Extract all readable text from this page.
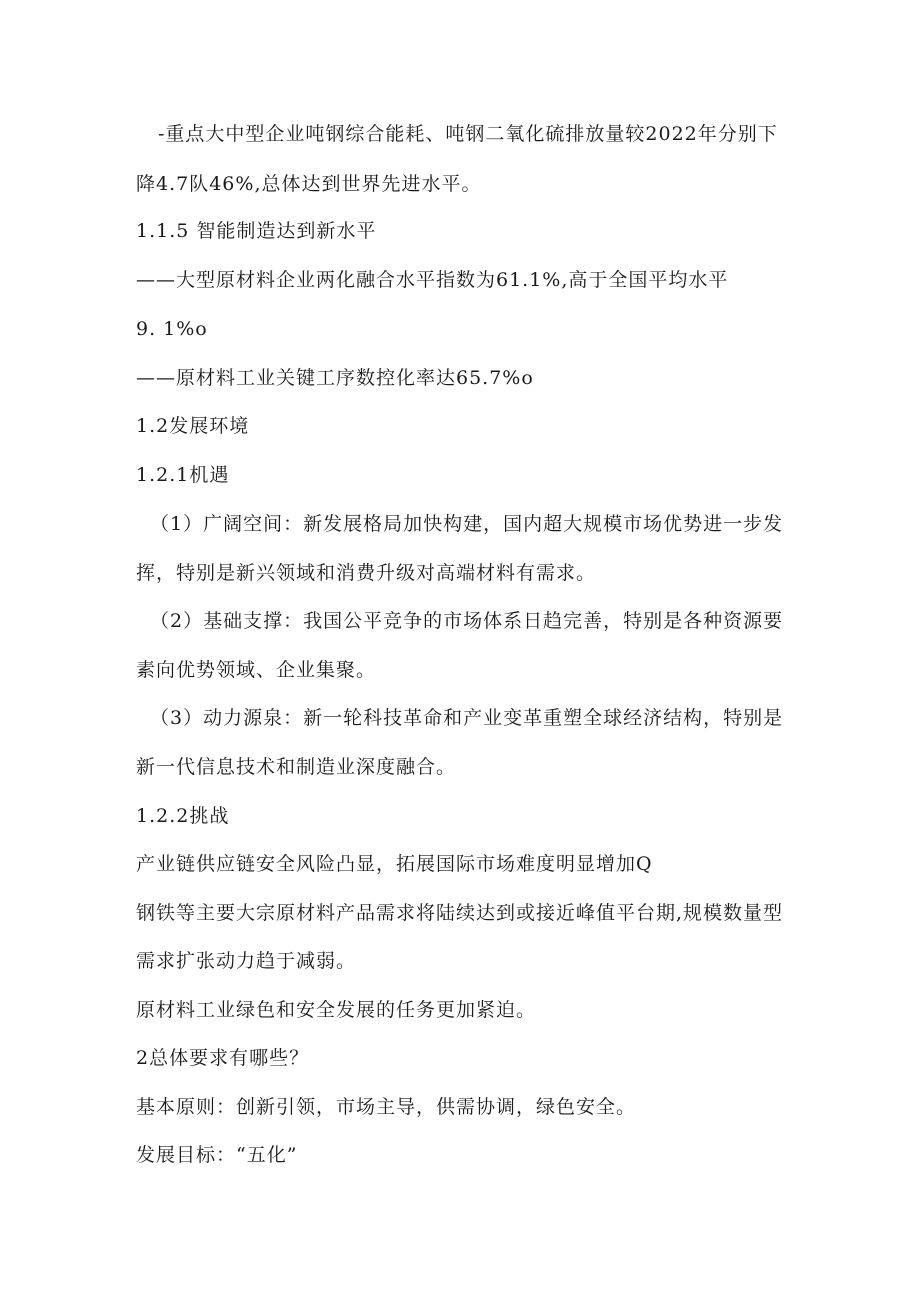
-重点大中型企业吨钢综合能耗、吨钢二氧化硫排放量较2022年分别下
降4.7队46%,总体达到世界先进水平。
1.1.5 智能制造达到新水平
——大型原材料企业两化融合水平指数为61.1%,高于全国平均水平
9. 1%o
——原材料工业关键工序数控化率达65.7%o
1.2发展环境
1.2.1机遇
（1）广阔空间：新发展格局加快构建，国内超大规模市场优势进一步发
挥，特别是新兴领域和消费升级对高端材料有需求。
（2）基础支撑：我国公平竞争的市场体系日趋完善，特别是各种资源要
素向优势领域、企业集聚。
（3）动力源泉：新一轮科技革命和产业变革重塑全球经济结构，特别是
新一代信息技术和制造业深度融合。
1.2.2挑战
产业链供应链安全风险凸显，拓展国际市场难度明显增加Q
钢铁等主要大宗原材料产品需求将陆续达到或接近峰值平台期,规模数量型
需求扩张动力趋于减弱。
原材料工业绿色和安全发展的任务更加紧迫。
2总体要求有哪些？
基本原则：创新引领，市场主导，供需协调，绿色安全。
发展目标：“五化”
